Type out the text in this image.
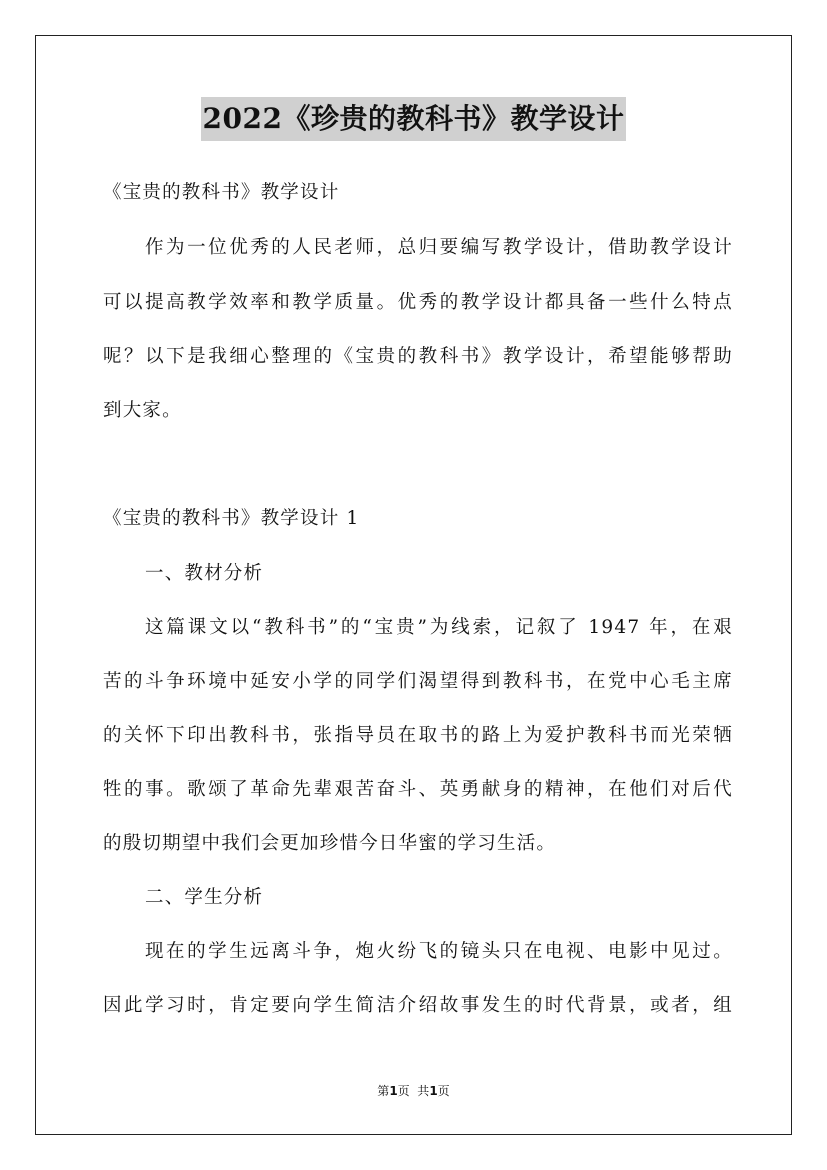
2022《珍贵的教科书》教学设计
《宝贵的教科书》教学设计
作为一位优秀的人民老师，总归要编写教学设计，借助教学设计
可以提高教学效率和教学质量。优秀的教学设计都具备一些什么特点
呢？以下是我细心整理的《宝贵的教科书》教学设计，希望能够帮助
到大家。
《宝贵的教科书》教学设计 1
一、教材分析
这篇课文以“教科书”的“宝贵”为线索，记叙了 1947 年，在艰
苦的斗争环境中延安小学的同学们渴望得到教科书，在党中心毛主席
的关怀下印出教科书，张指导员在取书的路上为爱护教科书而光荣牺
牲的事。歌颂了革命先辈艰苦奋斗、英勇献身的精神，在他们对后代
的殷切期望中我们会更加珍惜今日华蜜的学习生活。
二、学生分析
现在的学生远离斗争，炮火纷飞的镜头只在电视、电影中见过。
因此学习时，肯定要向学生简洁介绍故事发生的时代背景，或者，组
第1页  共1页
